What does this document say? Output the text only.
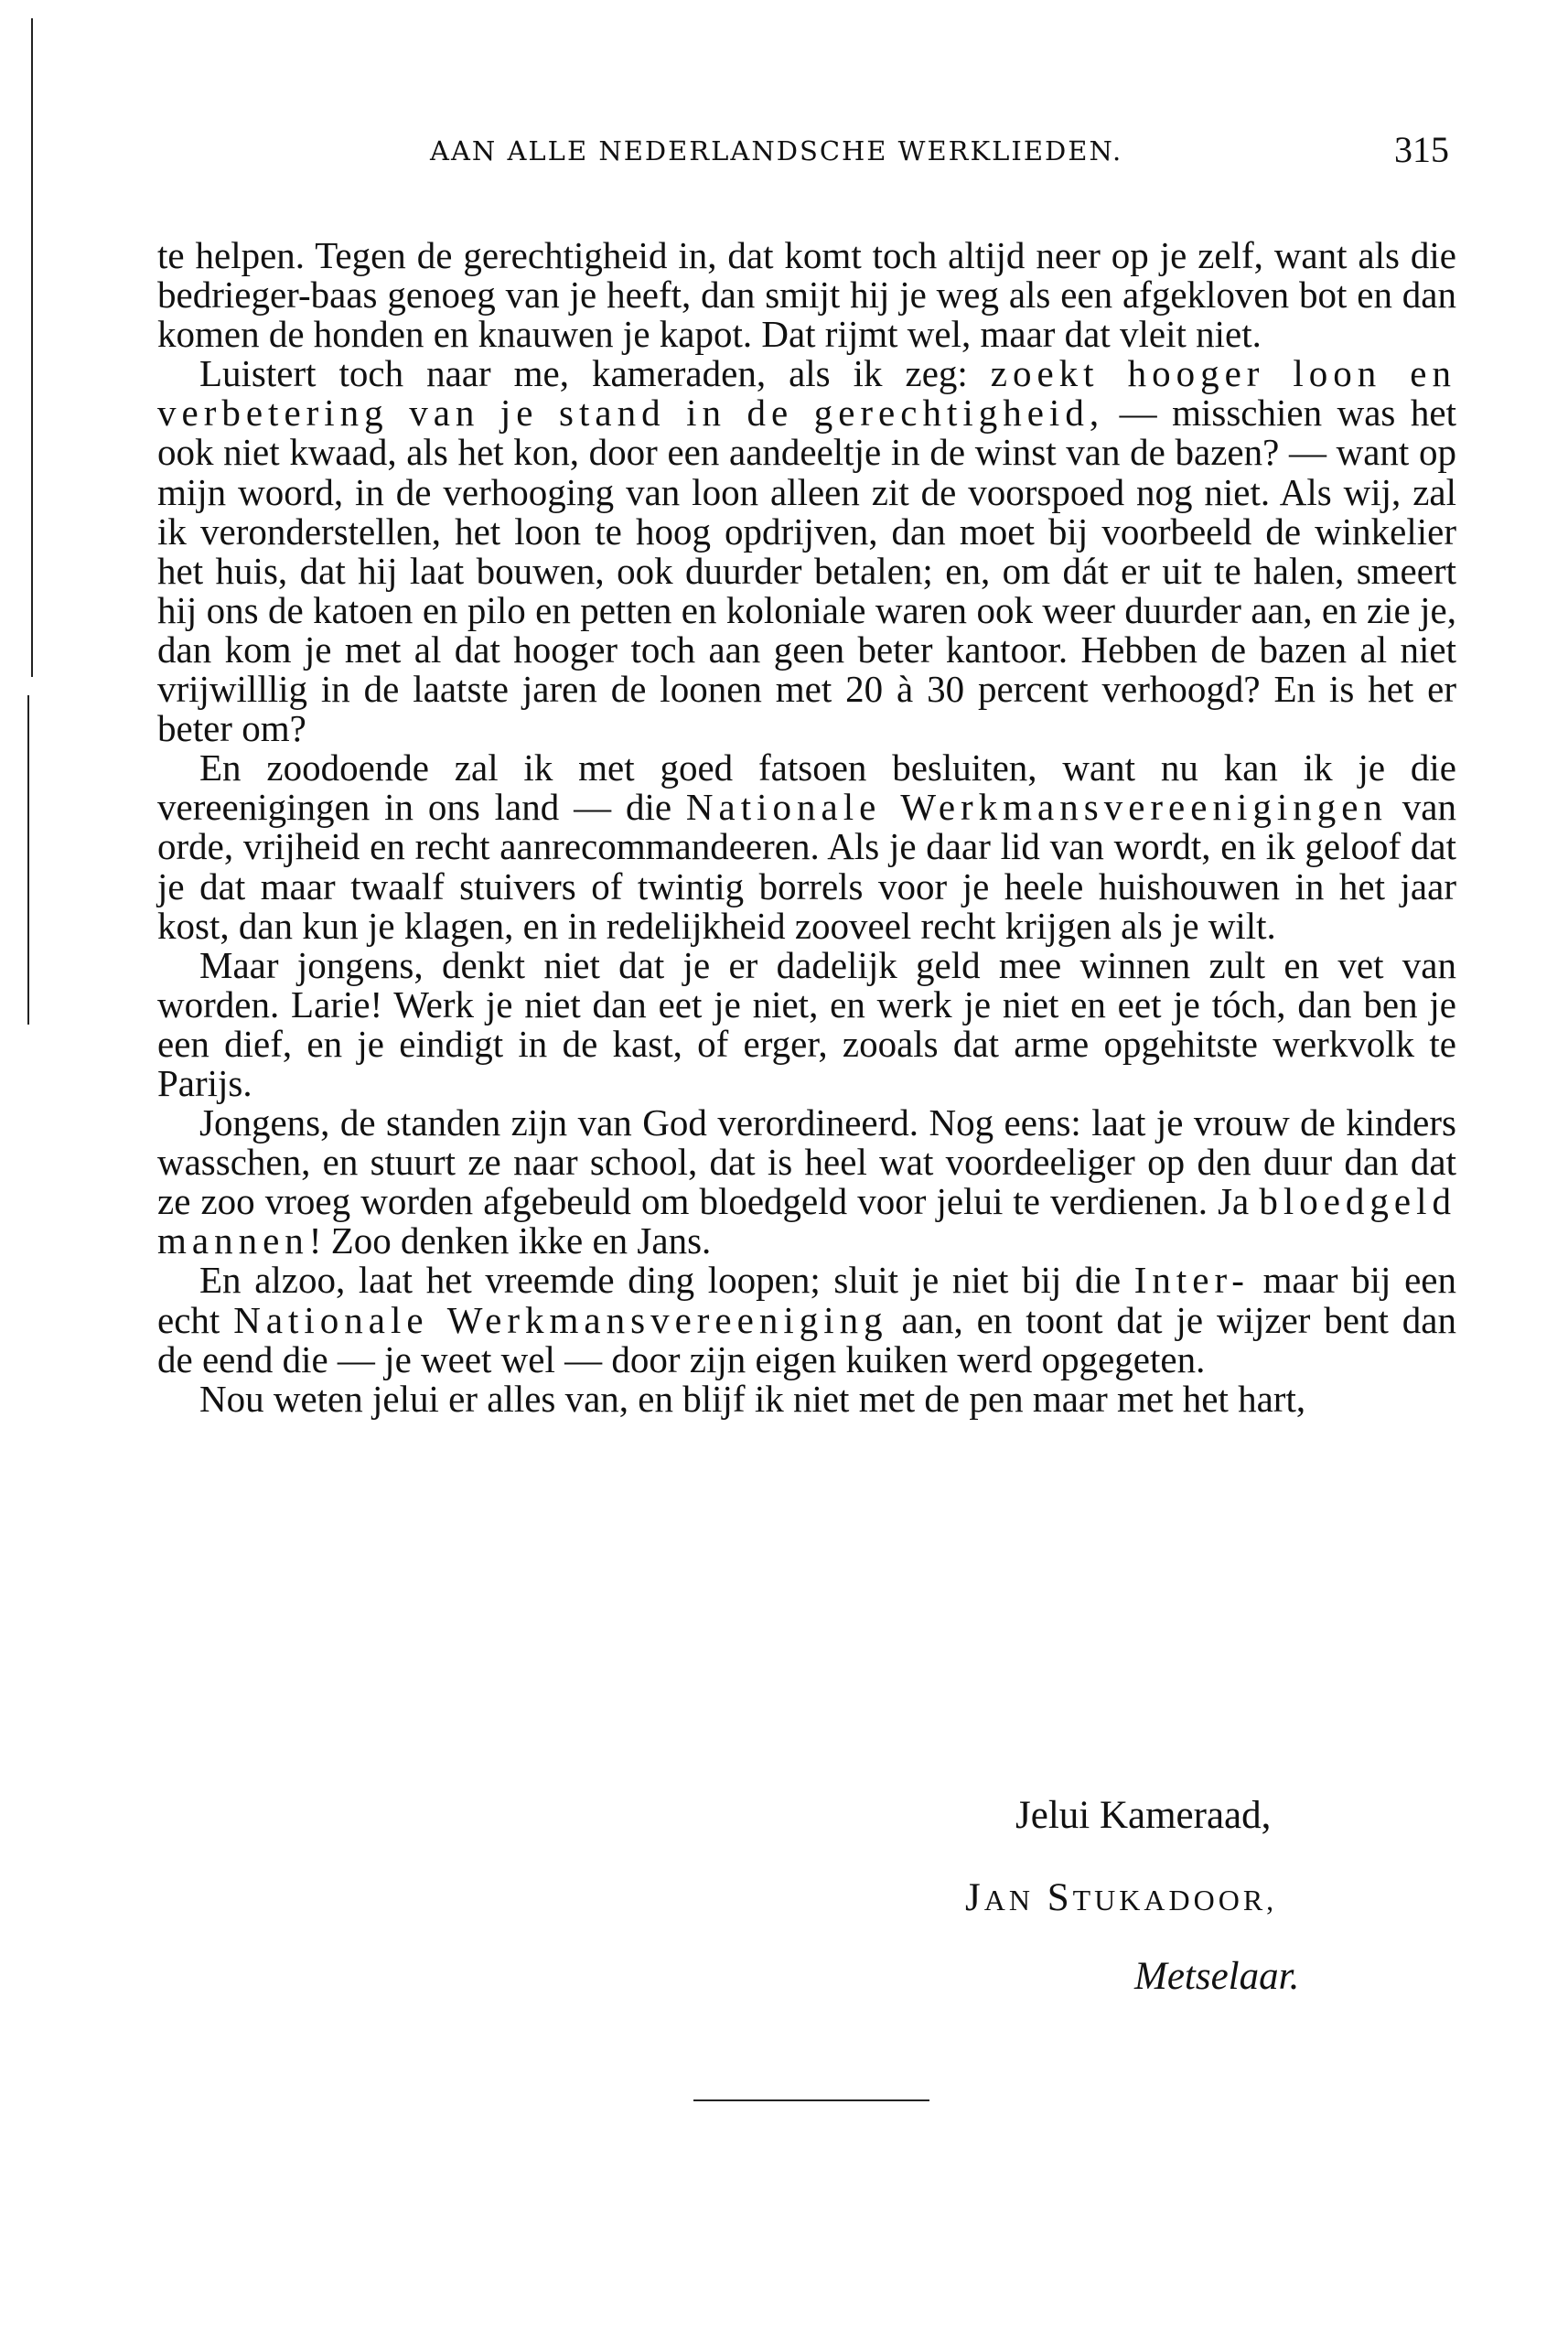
AAN ALLE NEDERLANDSCHE WERKLIEDEN.	315

te helpen. Tegen de gerechtigheid in, dat komt toch altijd neer op je zelf, want als die bedrieger-baas genoeg van je heeft, dan smijt hij je weg als een afgekloven bot en dan komen de honden en knauwen je kapot. Dat rijmt wel, maar dat vleit niet.

Luistert toch naar me, kameraden, als ik zeg: zoekt hooger loon en verbetering van je stand in de gerechtigheid, — misschien was het ook niet kwaad, als het kon, door een aandeeltje in de winst van de bazen? — want op mijn woord, in de verhooging van loon alleen zit de voorspoed nog niet. Als wij, zal ik veronderstellen, het loon te hoog opdrijven, dan moet bij voorbeeld de winkelier het huis, dat hij laat bouwen, ook duurder betalen; en, om dát er uit te halen, smeert hij ons de katoen en pilo en petten en koloniale waren ook weer duurder aan, en zie je, dan kom je met al dat hooger toch aan geen beter kantoor. Hebben de bazen al niet vrijwilllig in de laatste jaren de loonen met 20 à 30 percent verhoogd? En is het er beter om?

En zoodoende zal ik met goed fatsoen besluiten, want nu kan ik je die vereenigingen in ons land — die Nationale Werkmansvereenigingen van orde, vrijheid en recht aanrecommandeeren. Als je daar lid van wordt, en ik geloof dat je dat maar twaalf stuivers of twintig borrels voor je heele huishouwen in het jaar kost, dan kun je klagen, en in redelijkheid zooveel recht krijgen als je wilt.

Maar jongens, denkt niet dat je er dadelijk geld mee winnen zult en vet van worden. Larie! Werk je niet dan eet je niet, en werk je niet en eet je tóch, dan ben je een dief, en je eindigt in de kast, of erger, zooals dat arme opgehitste werkvolk te Parijs.

Jongens, de standen zijn van God verordineerd. Nog eens: laat je vrouw de kinders wasschen, en stuurt ze naar school, dat is heel wat voordeeliger op den duur dan dat ze zoo vroeg worden afgebeuld om bloedgeld voor jelui te verdienen. Ja bloedgeld mannen! Zoo denken ikke en Jans.

En alzoo, laat het vreemde ding loopen; sluit je niet bij die Inter- maar bij een echt Nationale Werkmansvereeniging aan, en toont dat je wijzer bent dan de eend die — je weet wel — door zijn eigen kuiken werd opgegeten.

Nou weten jelui er alles van, en blijf ik niet met de pen maar met het hart,

Jelui Kameraad,
JAN STUKADOOR,
Metselaar.
